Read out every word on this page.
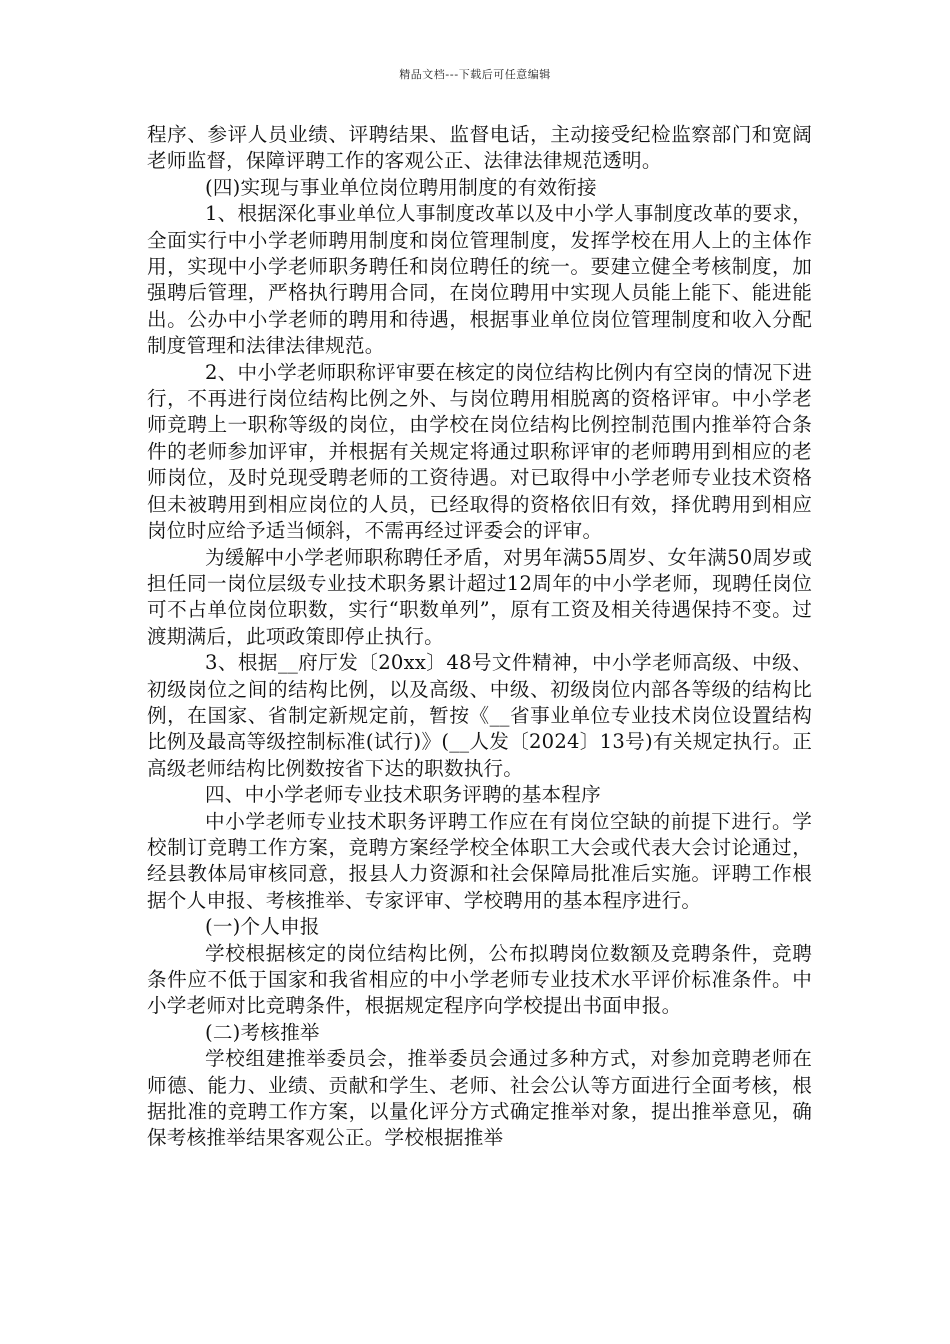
精品文档---下载后可任意编辑

程序、参评人员业绩、评聘结果、监督电话，主动接受纪检监察部门和宽阔老师监督，保障评聘工作的客观公正、法律法律规范透明。

(四)实现与事业单位岗位聘用制度的有效衔接

1、根据深化事业单位人事制度改革以及中小学人事制度改革的要求，全面实行中小学老师聘用制度和岗位管理制度，发挥学校在用人上的主体作用，实现中小学老师职务聘任和岗位聘任的统一。要建立健全考核制度，加强聘后管理，严格执行聘用合同，在岗位聘用中实现人员能上能下、能进能出。公办中小学老师的聘用和待遇，根据事业单位岗位管理制度和收入分配制度管理和法律法律规范。

2、中小学老师职称评审要在核定的岗位结构比例内有空岗的情况下进行，不再进行岗位结构比例之外、与岗位聘用相脱离的资格评审。中小学老师竞聘上一职称等级的岗位，由学校在岗位结构比例控制范围内推举符合条件的老师参加评审，并根据有关规定将通过职称评审的老师聘用到相应的老师岗位，及时兑现受聘老师的工资待遇。对已取得中小学老师专业技术资格但未被聘用到相应岗位的人员，已经取得的资格依旧有效，择优聘用到相应岗位时应给予适当倾斜，不需再经过评委会的评审。

为缓解中小学老师职称聘任矛盾，对男年满55周岁、女年满50周岁或担任同一岗位层级专业技术职务累计超过12周年的中小学老师，现聘任岗位可不占单位岗位职数，实行“职数单列”，原有工资及相关待遇保持不变。过渡期满后，此项政策即停止执行。

3、根据__府厅发〔20xx〕48号文件精神，中小学老师高级、中级、初级岗位之间的结构比例，以及高级、中级、初级岗位内部各等级的结构比例，在国家、省制定新规定前，暂按《__省事业单位专业技术岗位设置结构比例及最高等级控制标准(试行)》(__人发〔2024〕13号)有关规定执行。正高级老师结构比例数按省下达的职数执行。

四、中小学老师专业技术职务评聘的基本程序

中小学老师专业技术职务评聘工作应在有岗位空缺的前提下进行。学校制订竞聘工作方案，竞聘方案经学校全体职工大会或代表大会讨论通过，经县教体局审核同意，报县人力资源和社会保障局批准后实施。评聘工作根据个人申报、考核推举、专家评审、学校聘用的基本程序进行。

(一)个人申报

学校根据核定的岗位结构比例，公布拟聘岗位数额及竞聘条件，竞聘条件应不低于国家和我省相应的中小学老师专业技术水平评价标准条件。中小学老师对比竞聘条件，根据规定程序向学校提出书面申报。

(二)考核推举

学校组建推举委员会，推举委员会通过多种方式，对参加竞聘老师在师德、能力、业绩、贡献和学生、老师、社会公认等方面进行全面考核，根据批准的竞聘工作方案，以量化评分方式确定推举对象，提出推举意见，确保考核推举结果客观公正。学校根据推举
